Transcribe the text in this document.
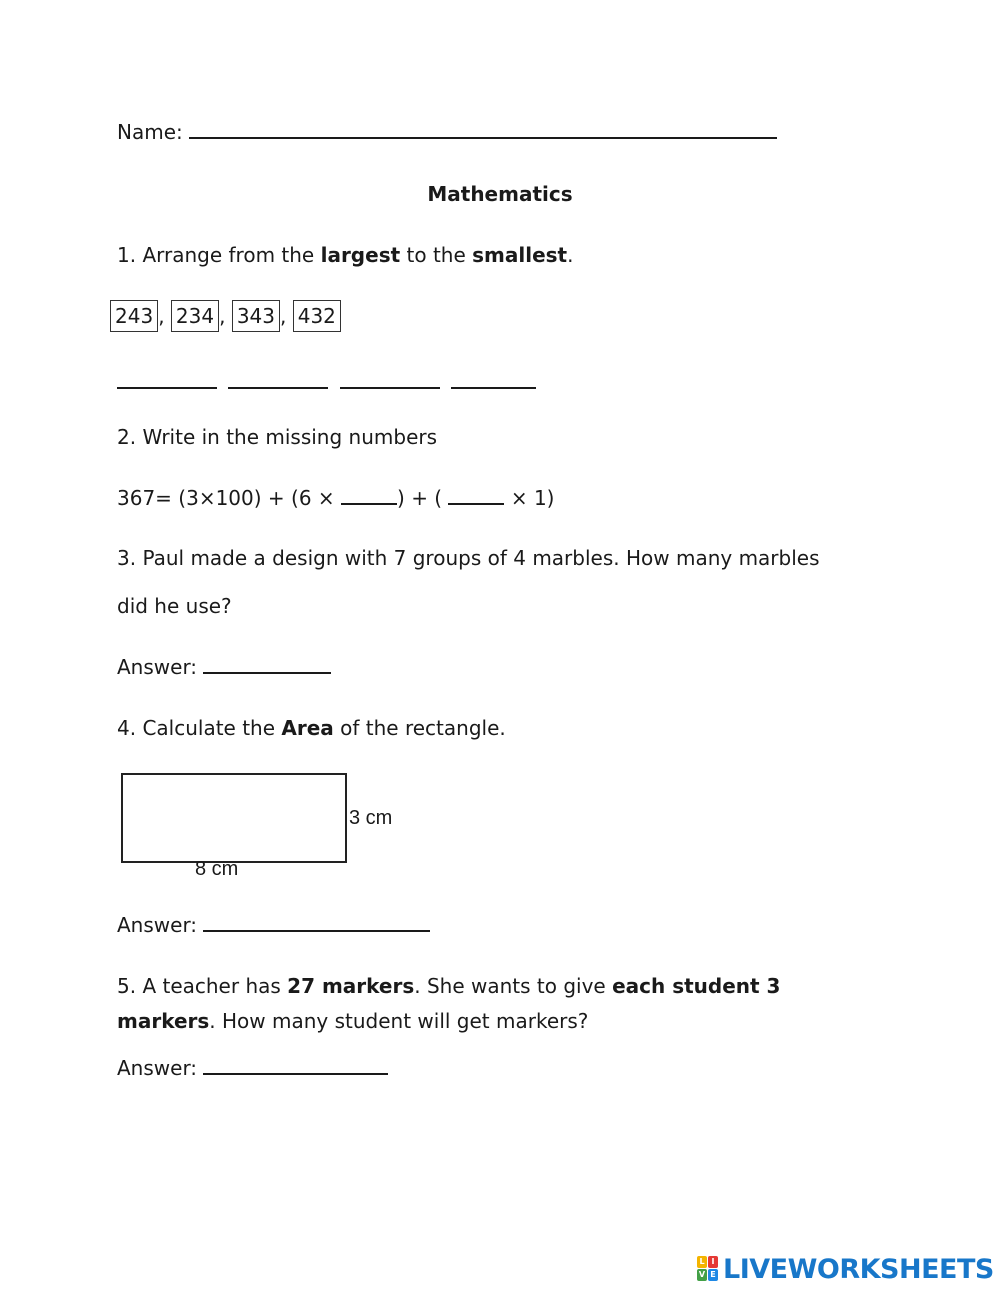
Name:
Mathematics
1. Arrange from the largest to the smallest.
243 , 234 , 343 , 432

2. Write in the missing numbers
367= (3×100) + (6 ×	) + (	× 1)
3. Paul made a design with 7 groups of 4 marbles. How many marbles
did he use?
Answer:
4. Calculate the Area of the rectangle.
3 cm
8 cm
Answer:
5. A teacher has 27 markers. She wants to give each student 3
markers. How many student will get markers?
Answer:
L I
V E LIVEWORKSHEETS
